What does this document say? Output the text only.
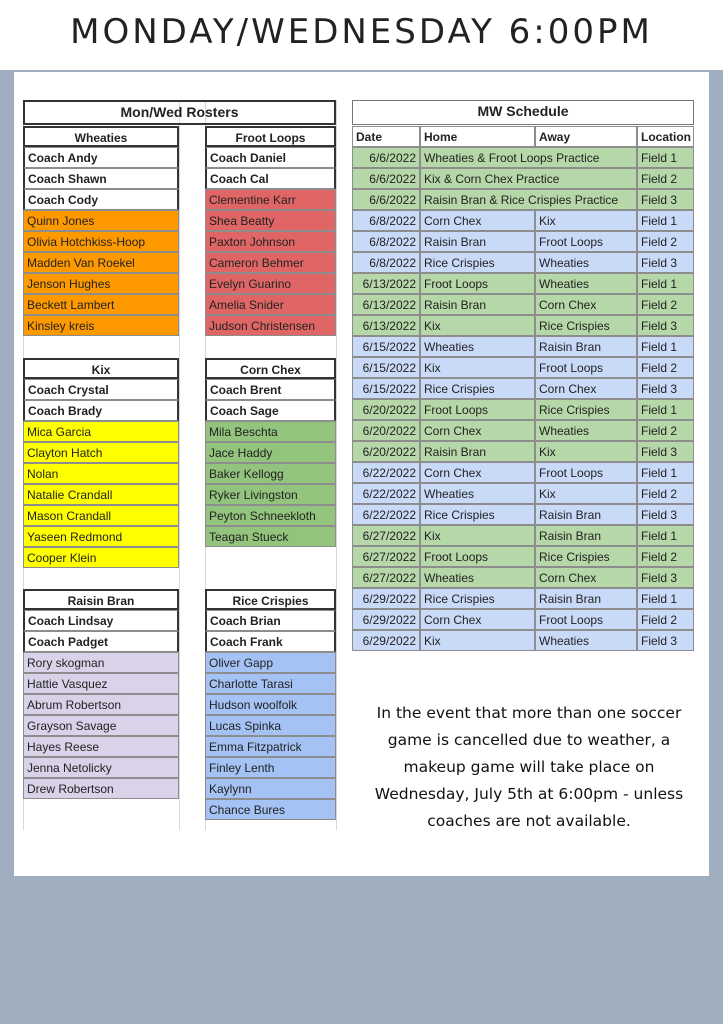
MONDAY/WEDNESDAY 6:00PM
In the event that more than one soccer game is cancelled due to weather, a makeup game will take place on Wednesday, July 5th at 6:00pm - unless coaches are not available.
Mon/Wed Rosters
Wheaties
Coach Andy
Coach Shawn
Coach Cody
Quinn Jones
Olivia Hotchkiss-Hoop
Madden Van Roekel
Jenson Hughes
Beckett Lambert
Kinsley kreis
Froot Loops
Coach Daniel
Coach Cal
Clementine Karr
Shea Beatty
Paxton Johnson
Cameron Behmer
Evelyn Guarino
Amelia Snider
Judson Christensen
Kix
Coach Crystal
Coach Brady
Mica Garcia
Clayton Hatch
Nolan
Natalie Crandall
Mason Crandall
Yaseen Redmond
Cooper Klein
Corn Chex
Coach Brent
Coach Sage
Mila Beschta
Jace Haddy
Baker Kellogg
Ryker Livingston
Peyton Schneekloth
Teagan Stueck
Raisin Bran
Coach Lindsay
Coach Padget
Rory skogman
Hattie Vasquez
Abrum Robertson
Grayson Savage
Hayes Reese
Jenna Netolicky
Drew Robertson
Rice Crispies
Coach Brian
Coach Frank
Oliver Gapp
Charlotte Tarasi
Hudson woolfolk
Lucas Spinka
Emma Fitzpatrick
Finley Lenth
Kaylynn
Chance Bures
MW Schedule
Date	Home	Away	Location
6/6/2022 Wheaties & Froot Loops Practice	Field 1
6/6/2022 Kix & Corn Chex Practice	Field 2
6/6/2022 Raisin Bran & Rice Crispies Practice	Field 3
6/8/2022 Corn Chex	Kix	Field 1
6/8/2022 Raisin Bran	Froot Loops	Field 2
6/8/2022 Rice Crispies	Wheaties	Field 3
6/13/2022 Froot Loops	Wheaties	Field 1
6/13/2022 Raisin Bran	Corn Chex	Field 2
6/13/2022 Kix	Rice Crispies	Field 3
6/15/2022 Wheaties	Raisin Bran	Field 1
6/15/2022 Kix	Froot Loops	Field 2
6/15/2022 Rice Crispies	Corn Chex	Field 3
6/20/2022 Froot Loops	Rice Crispies	Field 1
6/20/2022 Corn Chex	Wheaties	Field 2
6/20/2022 Raisin Bran	Kix	Field 3
6/22/2022 Corn Chex	Froot Loops	Field 1
6/22/2022 Wheaties	Kix	Field 2
6/22/2022 Rice Crispies	Raisin Bran	Field 3
6/27/2022 Kix	Raisin Bran	Field 1
6/27/2022 Froot Loops	Rice Crispies	Field 2
6/27/2022 Wheaties	Corn Chex	Field 3
6/29/2022 Rice Crispies	Raisin Bran	Field 1
6/29/2022 Corn Chex	Froot Loops	Field 2
6/29/2022 Kix	Wheaties	Field 3
